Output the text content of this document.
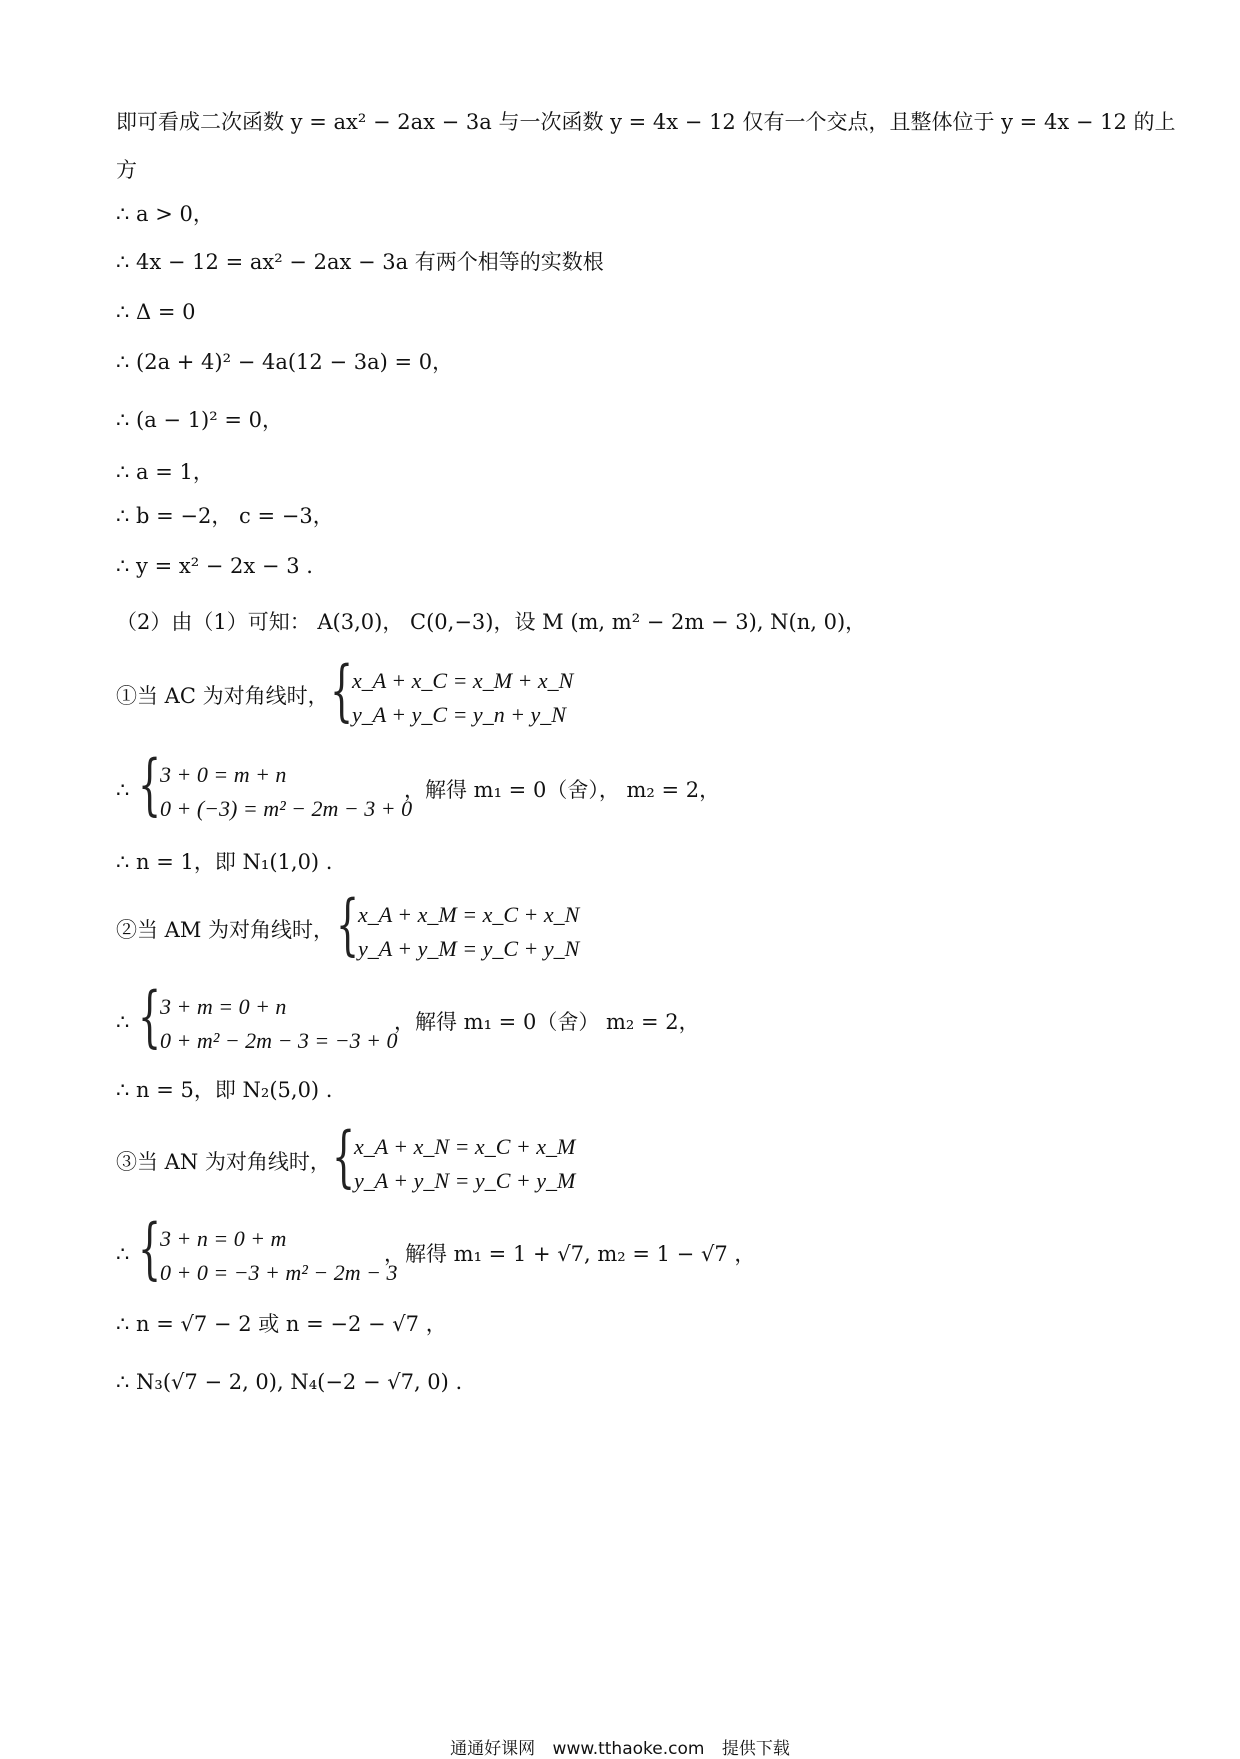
即可看成二次函数 y = ax² − 2ax − 3a 与一次函数 y = 4x − 12 仅有一个交点，且整体位于 y = 4x − 12 的上
方
∴ a > 0，
∴ 4x − 12 = ax² − 2ax − 3a 有两个相等的实数根
∴ Δ = 0
∴ (2a + 4)² − 4a(12 − 3a) = 0，
∴ (a − 1)² = 0，
∴ a = 1，
∴ b = −2， c = −3，
∴ y = x² − 2x − 3 .
（2）由（1）可知： A(3,0)， C(0,−3)，设 M (m, m² − 2m − 3), N(n, 0)，
①当 AC 为对角线时， {
x_A + x_C = x_M + x_N
y_A + y_C = y_n + y_N
∴ {
3 + 0 = m + n
0 + (−3) = m² − 2m − 3 + 0
，解得 m₁ = 0（舍）， m₂ = 2，
∴ n = 1，即 N₁(1,0) .
②当 AM 为对角线时， {
x_A + x_M = x_C + x_N
y_A + y_M = y_C + y_N
∴ {
3 + m = 0 + n
0 + m² − 2m − 3 = −3 + 0
，解得 m₁ = 0（舍） m₂ = 2，
∴ n = 5，即 N₂(5,0) .
③当 AN 为对角线时， {
x_A + x_N = x_C + x_M
y_A + y_N = y_C + y_M
∴ {
3 + n = 0 + m
0 + 0 = −3 + m² − 2m − 3
，解得 m₁ = 1 + √7, m₂ = 1 − √7 ，
∴ n = √7 − 2 或 n = −2 − √7 ，
∴ N₃(√7 − 2, 0), N₄(−2 − √7, 0) .
通通好课网 www.tthaoke.com 提供下载
